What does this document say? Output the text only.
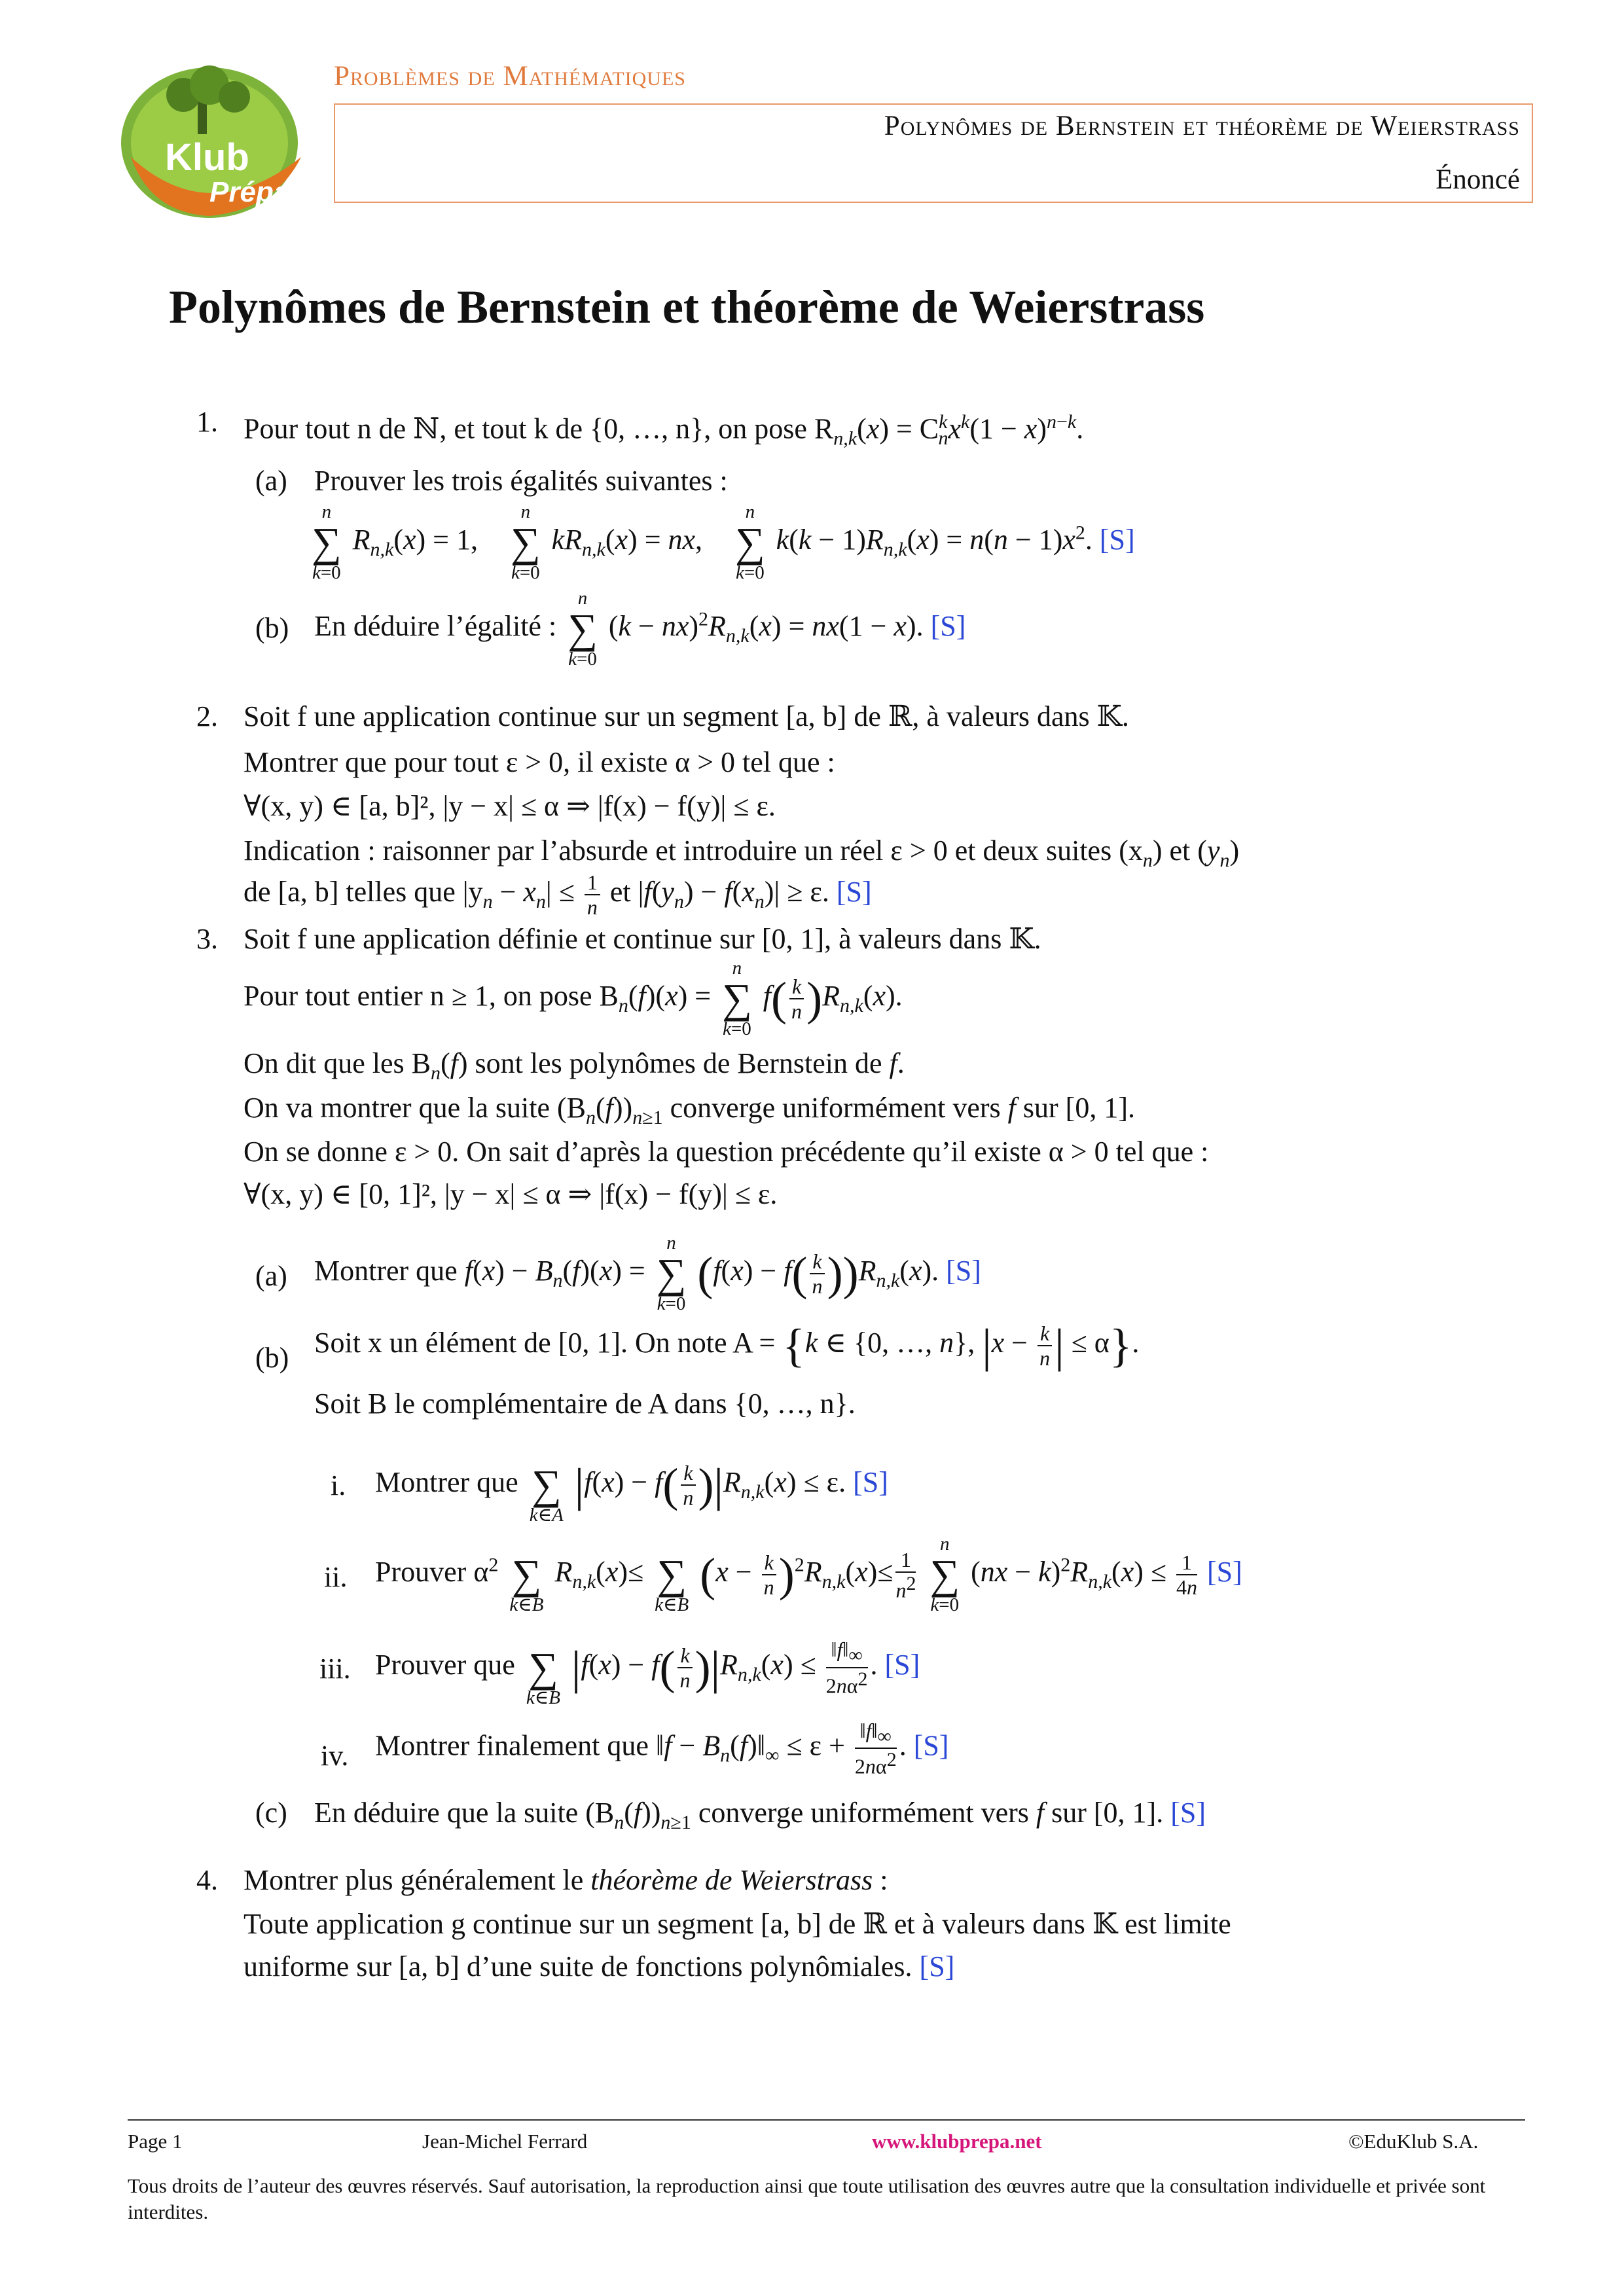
Klub
Prépa
Problèmes de Mathématiques
Polynômes de Bernstein et théorème de Weierstrass
Énoncé
Polynômes de Bernstein et théorème de Weierstrass
1. Pour tout n de ℕ, et tout k de {0, …, n}, on pose $R_{n,k}(x) = C^k_nx^k(1 - x)^{n-k}$.
(a) Prouver les trois égalités suivantes :
n
∑
k=0
$R_{n,k}(x) = 1$,
n
∑
k=0
$kR_{n,k}(x)$ = nx,
n
∑
k=0
$k(k - 1)R_{n,k}(x) = n(n - 1)x^2$. [S]
(b) En déduire l’égalité :
n
∑
k=0
$(k - nx)^2R_{n,k}(x) = nx(1 - x)$. [S]
2. Soit f une application continue sur un segment [a, b] de ℝ, à valeurs dans 𝕂.
Montrer que pour tout ε > 0, il existe α > 0 tel que :
∀(x, y) ∈ [a, b]², |y − x| ≤ α ⇒ |f(x) − f(y)| ≤ ε.
Indication : raisonner par l’absurde et introduire un réel ε > 0 et deux suites $(x_n)$ et $(y_n)$
de [a, b] telles que $|y_n - x_n| \le \frac{1}{n}$ et $|f(y_n) - f(x_n)| \ge \varepsilon$. [S]
3. Soit f une application définie et continue sur [0, 1], à valeurs dans 𝕂.
Pour tout entier n ≥ 1, on pose $B_n(f)(x)$ =
n
∑
k=0
$f( \frac{k}{n} )R_{n,k}(x)$.
On dit que les $B_n(f)$ sont les polynômes de Bernstein de f.
On va montrer que la suite $(B_n(f))_{n\ge 1}$ converge uniformément vers f sur [0, 1].
On se donne ε > 0. On sait d’après la question précédente qu’il existe α > 0 tel que :
∀(x, y) ∈ [0, 1]², |y − x| ≤ α ⇒ |f(x) − f(y)| ≤ ε.
(a) Montrer que $f(x) - B_n(f)(x)$ =
n
∑
k=0
$(f(x) - f( \frac{k}{n} ))R_{n,k}(x)$. [S]
(b) Soit x un élément de [0, 1]. On note A = {k ∈ {0, …, n}, $|x - \frac{k}{n}$ | ≤ α}.
Soit B le complémentaire de A dans {0, …, n}.
i. Montrer que
∑
k∈A
$|f(x) - f( \frac{k}{n} )|R_{n,k}(x) \le \varepsilon$. [S]
ii. Prouver $\alpha^2$
∑
k∈B
$R_{n,k}(x)\le$
∑
k∈B
$(x - \frac{k}{n} )^2R_{n,k}(x)\le \frac{1}{n^2}$

n
∑
k=0
$(nx - k)^2R_{n,k}(x) \le \frac{1}{4n} [S]$
iii. Prouver que
∑
k∈B
$|f(x) - f( \frac{k}{n} )|R_{n,k}(x) \le \frac{‖f‖_\infty}{2n\alpha^2}$ . [S]
iv. Montrer finalement que ‖f − $B_n(f)‖_\infty \le \varepsilon + \frac{‖f‖_\infty}{2n\alpha^2}$ . [S]
(c) En déduire que la suite $(B_n(f))_{n\ge 1}$ converge uniformément vers f sur [0, 1]. [S]
4. Montrer plus généralement le théorème de Weierstrass :
Toute application g continue sur un segment [a, b] de ℝ et à valeurs dans 𝕂 est limite
uniforme sur [a, b] d’une suite de fonctions polynômiales. [S]
Page 1	Jean-Michel Ferrard	www.klubprepa.net	©EduKlub S.A.
Tous droits de l’auteur des œuvres réservés. Sauf autorisation, la reproduction ainsi que toute utilisation des œuvres autre que la consultation individuelle et privée sont interdites.
